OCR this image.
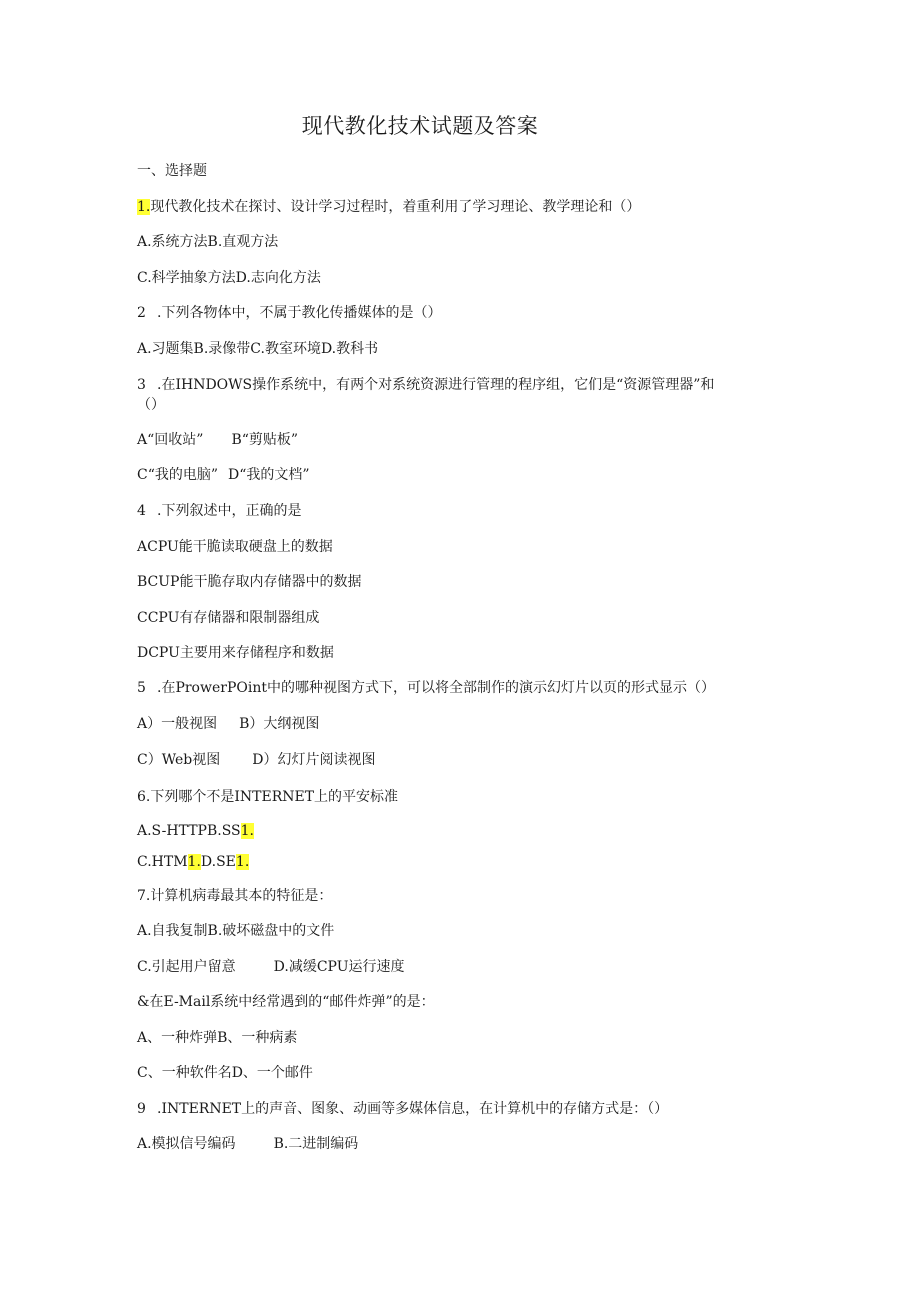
现代教化技术试题及答案
一、选择题
1.现代教化技术在探讨、设计学习过程时，着重利用了学习理论、教学理论和（）
A.系统方法B.直观方法
C.科学抽象方法D.志向化方法
2 .下列各物体中，不属于教化传播媒体的是（）
A.习题集B.录像带C.教室环境D.教科书
3 .在IHNDOWS操作系统中，有两个对系统资源进行管理的程序组，它们是“资源管理器”和
（）
A“回收站” B“剪贴板”
C“我的电脑” D“我的文档”
4 .下列叙述中，正确的是
ACPU能干脆读取硬盘上的数据
BCUP能干脆存取内存储器中的数据
CCPU有存储器和限制器组成
DCPU主要用来存储程序和数据
5 .在ProwerPOint中的哪种视图方式下，可以将全部制作的演示幻灯片以页的形式显示（）
A）一般视图 B）大纲视图
C）Web视图 D）幻灯片阅读视图
6.下列哪个不是INTERNET上的平安标准
A.S-HTTPB.SS1.
C.HTM1.D.SE1.
7.计算机病毒最其本的特征是：
A.自我复制B.破坏磁盘中的文件
C.引起用户留意	D.减缓CPU运行速度
&在E-Mail系统中经常遇到的“邮件炸弹”的是：
A、一种炸弹B、一种病素
C、一种软件名D、一个邮件
9 .INTERNET上的声音、图象、动画等多媒体信息，在计算机中的存储方式是：（）
A.模拟信号编码	B.二进制编码
